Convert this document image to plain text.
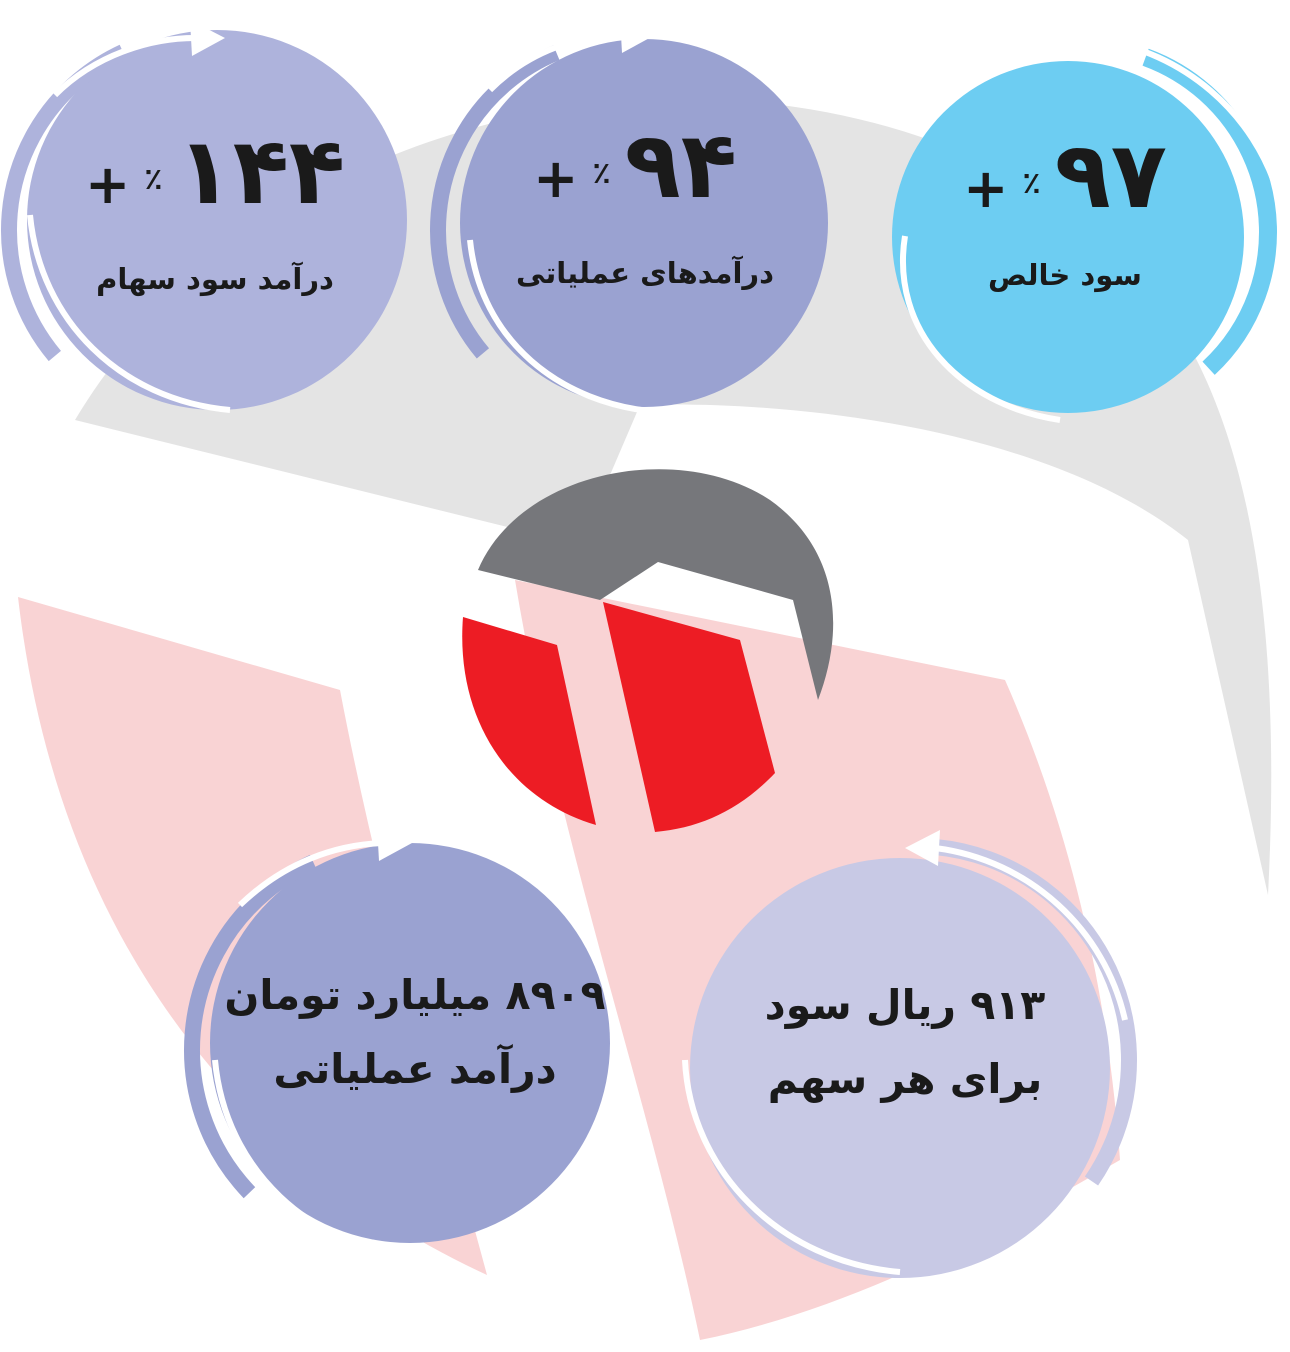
+ ٪ ۱۴۴
درآمد سود سهام
+ ٪ ۹۴
درآمدهای عملیاتی
+ ٪ ۹۷
سود خالص
۸۹۰۹ میلیارد تومان
درآمد عملیاتی
۹۱۳ ریال سود
برای هر سهم
